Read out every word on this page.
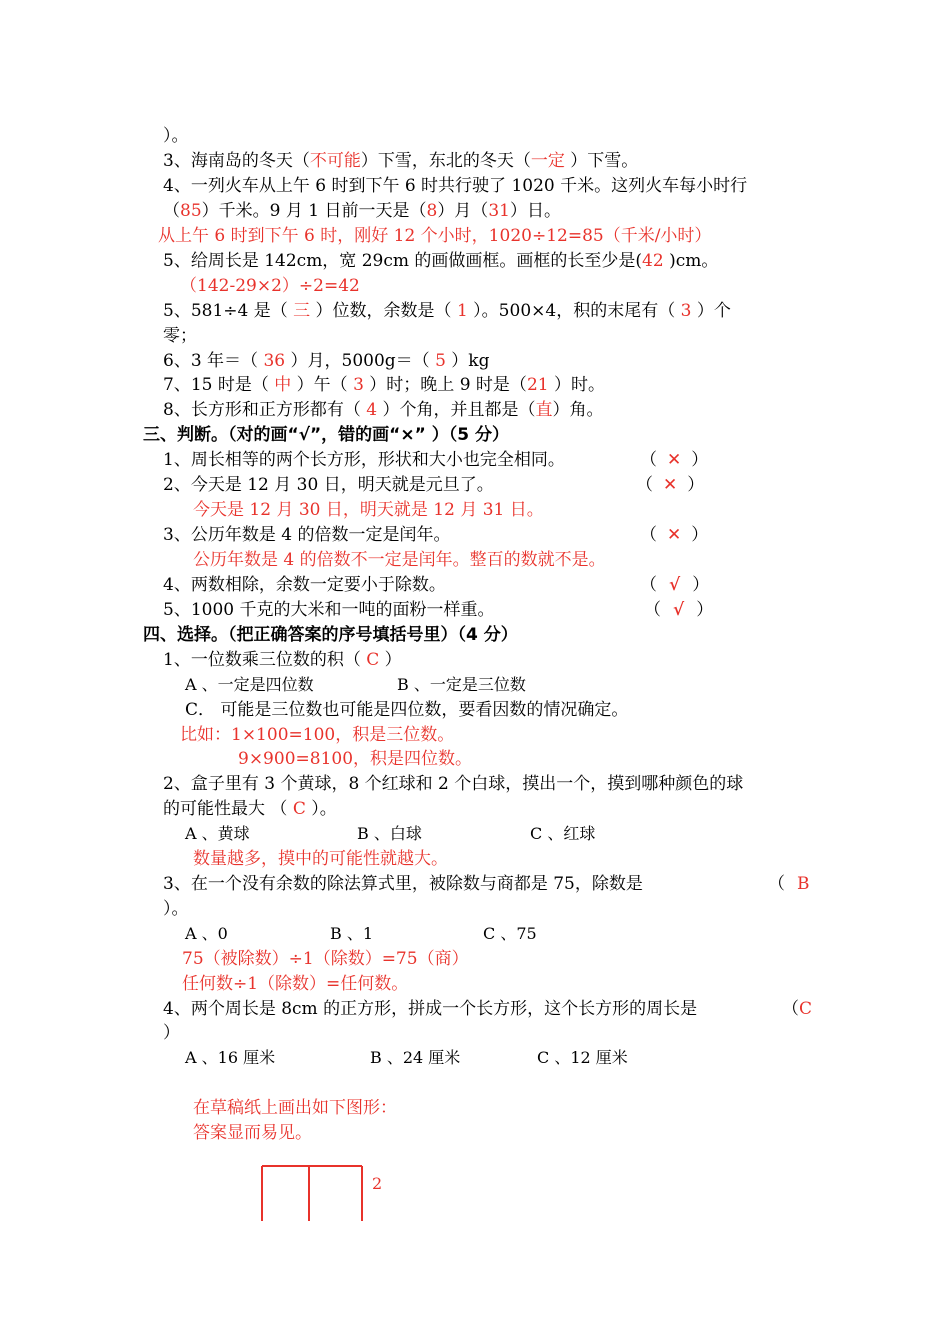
）。
3、海南岛的冬天（不可能）下雪，东北的冬天（一定 ）下雪。
4、一列火车从上午 6 时到下午 6 时共行驶了 1020 千米。这列火车每小时行
（85）千米。9 月 1 日前一天是（8）月（31）日。
从上午 6 时到下午 6 时，刚好 12 个小时，1020÷12=85（千米/小时）
5、给周长是 142cm，宽 29cm 的画做画框。画框的长至少是(42 )cm。
（142-29×2）÷2=42
5、581÷4 是（ 三 ）位数，余数是（ 1 ）。500×4，积的末尾有（ 3 ）个
零；
6、3 年＝（ 36 ）月，5000g＝（ 5 ）kg
7、15 时是（ 中 ）午（ 3 ）时；晚上 9 时是（21 ）时。
8、长方形和正方形都有（ 4 ）个角，并且都是（直）角。
三、判断。（对的画“√”，错的画“×” ）（5 分）
1、周长相等的两个长方形，形状和大小也完全相同。	（ ✕ ）
2、今天是 12 月 30 日，明天就是元旦了。	（ ✕ ）
今天是 12 月 30 日，明天就是 12 月 31 日。
3、公历年数是 4 的倍数一定是闰年。	（ ✕ ）
公历年数是 4 的倍数不一定是闰年。整百的数就不是。
4、两数相除，余数一定要小于除数。	（ √ ）
5、1000 千克的大米和一吨的面粉一样重。	（ √ ）
四、选择。（把正确答案的序号填括号里）（4 分）
1、一位数乘三位数的积（ C ）
A 、一定是四位数	B 、一定是三位数
C． 可能是三位数也可能是四位数，要看因数的情况确定。
比如：1×100=100，积是三位数。
9×900=8100，积是四位数。
2、盒子里有 3 个黄球，8 个红球和 2 个白球，摸出一个，摸到哪种颜色的球
的可能性最大 （ C ）。
A 、黄球	B 、白球	C 、红球
数量越多，摸中的可能性就越大。
3、在一个没有余数的除法算式里，被除数与商都是 75，除数是	（ B
）。
A 、0	B 、1	C 、75
75（被除数）÷1（除数）=75（商）
任何数÷1（除数）=任何数。
4、两个周长是 8cm 的正方形，拼成一个长方形，这个长方形的周长是	（C
）
A 、16 厘米	B 、24 厘米	C 、12 厘米
在草稿纸上画出如下图形：
答案显而易见。
2
